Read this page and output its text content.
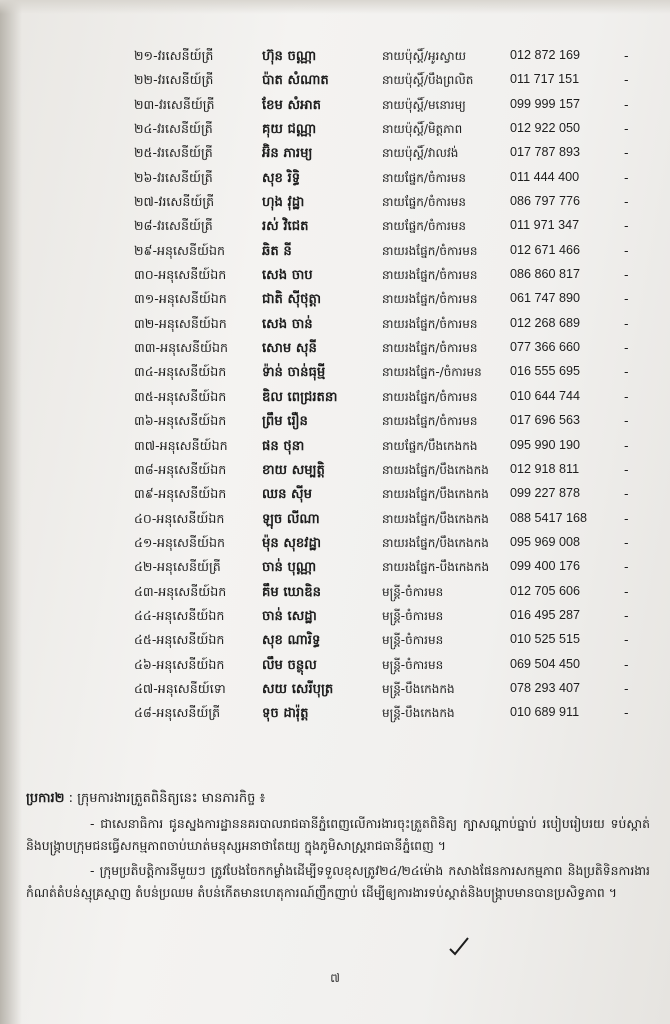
២១-វរសេនីយ៍ត្រី	ហ៊ុន ចណ្ណា	នាយប៉ុស្តិ៍/អូរស្វាយ	012 872 169	-
២២-វរសេនីយ៍ត្រី	ប៉ាត សំណាត	នាយប៉ុស្តិ៍/បឹងព្រលិត	011 717 151	-
២៣-វរសេនីយ៍ត្រី	ខែម សំអាត	នាយប៉ុស្តិ៍/មនោរម្យ	099 999 157	-
២៤-វរសេនីយ៍ត្រី	គុយ ជណ្ណា	នាយប៉ុស្តិ៍/មិត្តភាព	012 922 050	-
២៥-វរសេនីយ៍ត្រី	អ៊ិន ភារម្យ	នាយប៉ុស្តិ៍/វាលវង់	017 787 893	-
២៦-វរសេនីយ៍ត្រី	សុខ រិទ្ធិ	នាយផ្នែក/ចំការមន	011 444 400	-
២៧-វរសេនីយ៍ត្រី	ហុង វុដ្ឋា	នាយផ្នែក/ចំការមន	086 797 776	-
២៨-វរសេនីយ៍ត្រី	រស់ វិជេត	នាយផ្នែក/ចំការមន	011 971 347	-
២៩-អនុសេនីយ៍ឯក	ឆិត នី	នាយរងផ្នែក/ចំការមន	012 671 466	-
៣០-អនុសេនីយ៍ឯក	សេង ចាប	នាយរងផ្នែក/ចំការមន	086 860 817	-
៣១-អនុសេនីយ៍ឯក	ជាតិ ស៊ីថុត្តា	នាយរងផ្នែក/ចំការមន	061 747 890	-
៣២-អនុសេនីយ៍ឯក	សេង ចាន់	នាយរងផ្នែក/ចំការមន	012 268 689	-
៣៣-អនុសេនីយ៍ឯក	សោម សុនី	នាយរងផ្នែក/ចំការមន	077 366 660	-
៣៤-អនុសេនីយ៍ឯក	ទ៉ាន់ ចាន់ធុម្មី	នាយរងផ្នែក-/ចំការមន 016 555 695	-
៣៥-អនុសេនីយ៍ឯក	ឌិល ពេជ្ររតនា	នាយរងផ្នែក/ចំការមន	010 644 744	-
៣៦-អនុសេនីយ៍ឯក	ព្រឹម រឿន	នាយរងផ្នែក/ចំការមន	017 696 563	-
៣៧-អនុសេនីយ៍ឯក	ផន ថុនា	នាយផ្នែក/បឹងកេងកង	095 990 190	-
៣៨-អនុសេនីយ៍ឯក	ខាយ សម្បត្តិ	នាយរងផ្នែក/បឹងកេងកង 012 918 811	-
៣៩-អនុសេនីយ៍ឯក	ឈន ស៊ីម	នាយរងផ្នែក/បឹងកេងកង 099 227 878	-
៤០-អនុសេនីយ៍ឯក	ឡុច លីណា	នាយរងផ្នែក/បឹងកេងកង 088 5417 168	-
៤១-អនុសេនីយ៍ឯក	ម៉ុន សុខវដ្ឋា	នាយរងផ្នែក/បឹងកេងកង 095 969 008	-
៤២-អនុសេនីយ៍ត្រី	ចាន់ បុណ្ណា	នាយរងផ្នែក-បឹងកេងកង 099 400 176	-
៤៣-អនុសេនីយ៍ឯក	គឹម ឃោឌិន	មន្ត្រី-ចំការមន	012 705 606	-
៤៤-អនុសេនីយ៍ឯក	ចាន់ សេដ្ឋា	មន្ត្រី-ចំការមន	016 495 287	-
៤៥-អនុសេនីយ៍ឯក	សុខ ណារិទ្ធ	មន្ត្រី-ចំការមន	010 525 515	-
៤៦-អនុសេនីយ៍ឯក	លឹម ចន្ថុល	មន្ត្រី-ចំការមន	069 504 450	-
៤៧-អនុសេនីយ៍ទោ	សយ សេរីបុត្រ	មន្ត្រី-បឹងកេងកង	078 293 407	-
៤៨-អនុសេនីយ៍ត្រី	ទុច ដារ៉ុត្ត	មន្ត្រី-បឹងកេងកង	010 689 911	-
ប្រការ២ : ក្រុមការងារត្រួតពិនិត្យនេះ មានភារកិច្ច ៖
- ជាសេនាធិការ ជូនស្នងការដ្ឋាននគរបាលរាជធានីភ្នំពេញលើការងារចុះត្រួតពិនិត្យ ក្បាសណ្តាប់ធ្នាប់ របៀបរៀបរយ ទប់ស្កាត់និងបង្ក្រាបក្រុមជនធ្វើសកម្មភាពចាប់ឃាត់មនុស្សអនាថាតែយ្យ ក្នុងភូមិសាស្ត្ររាជធានីភ្នំពេញ ។
- ក្រុមប្រតិបត្តិការនីមួយៗ ត្រូវបែងចែកកម្លាំងដើម្បីទទួលខុសត្រូវ២៤/២៤ម៉ោង កសាងផែនការសកម្មភាព និងប្រតិទិនការងារ កំណត់តំបន់ស្មុគ្រស្មាញ តំបន់ប្រឈម តំបន់កើតមានហេតុការណ៍ញឹកញាប់ ដើម្បីឲ្យការងារទប់ស្កាត់និងបង្ក្រាបមានបានប្រសិទ្ធភាព ។
៧
